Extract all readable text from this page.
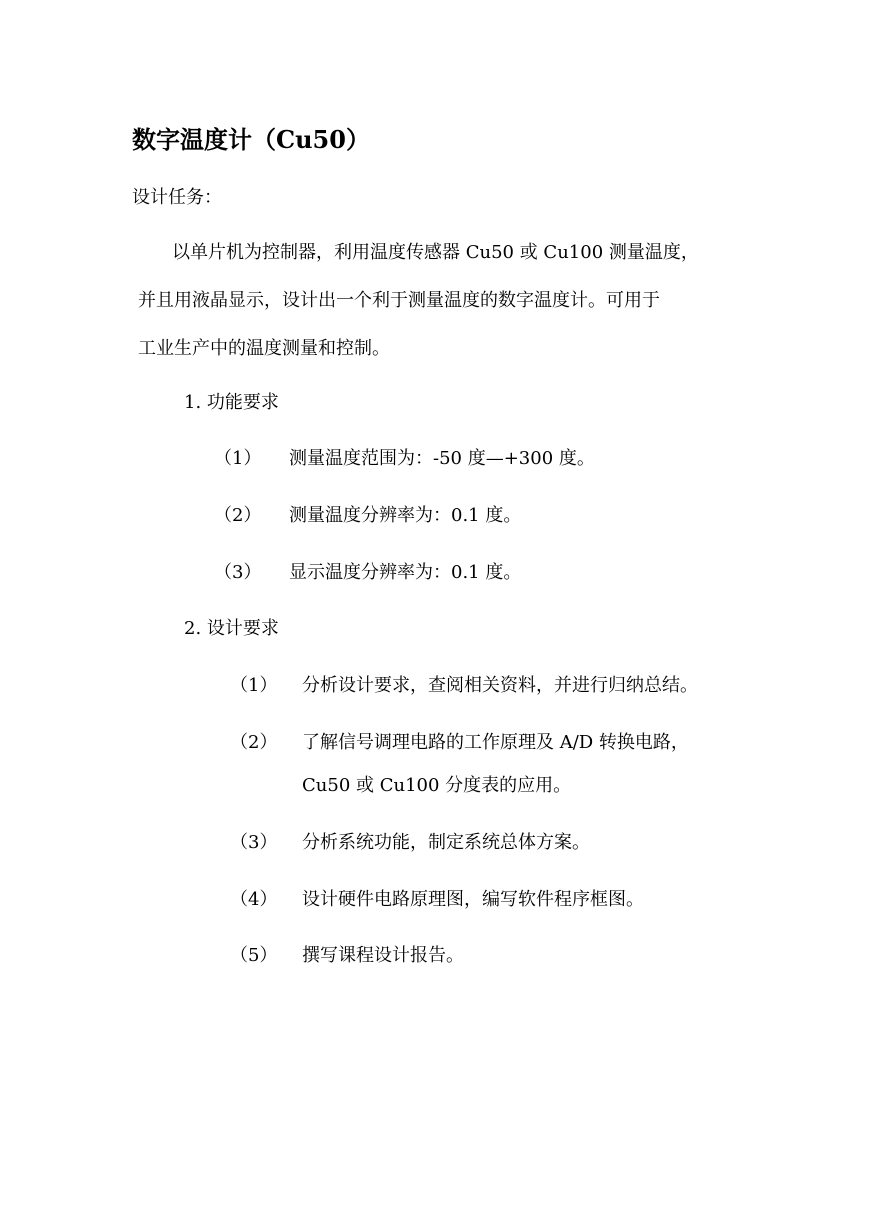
数字温度计（Cu50）
设计任务：
以单片机为控制器，利用温度传感器 Cu50 或 Cu100 测量温度，
并且用液晶显示，设计出一个利于测量温度的数字温度计。可用于
工业生产中的温度测量和控制。
1. 功能要求
（1） 测量温度范围为：-50 度—+300 度。
（2） 测量温度分辨率为：0.1 度。
（3） 显示温度分辨率为：0.1 度。
2. 设计要求
（1） 分析设计要求，查阅相关资料，并进行归纳总结。
（2） 了解信号调理电路的工作原理及 A/D 转换电路，
Cu50 或 Cu100 分度表的应用。
（3） 分析系统功能，制定系统总体方案。
（4） 设计硬件电路原理图，编写软件程序框图。
（5） 撰写课程设计报告。
